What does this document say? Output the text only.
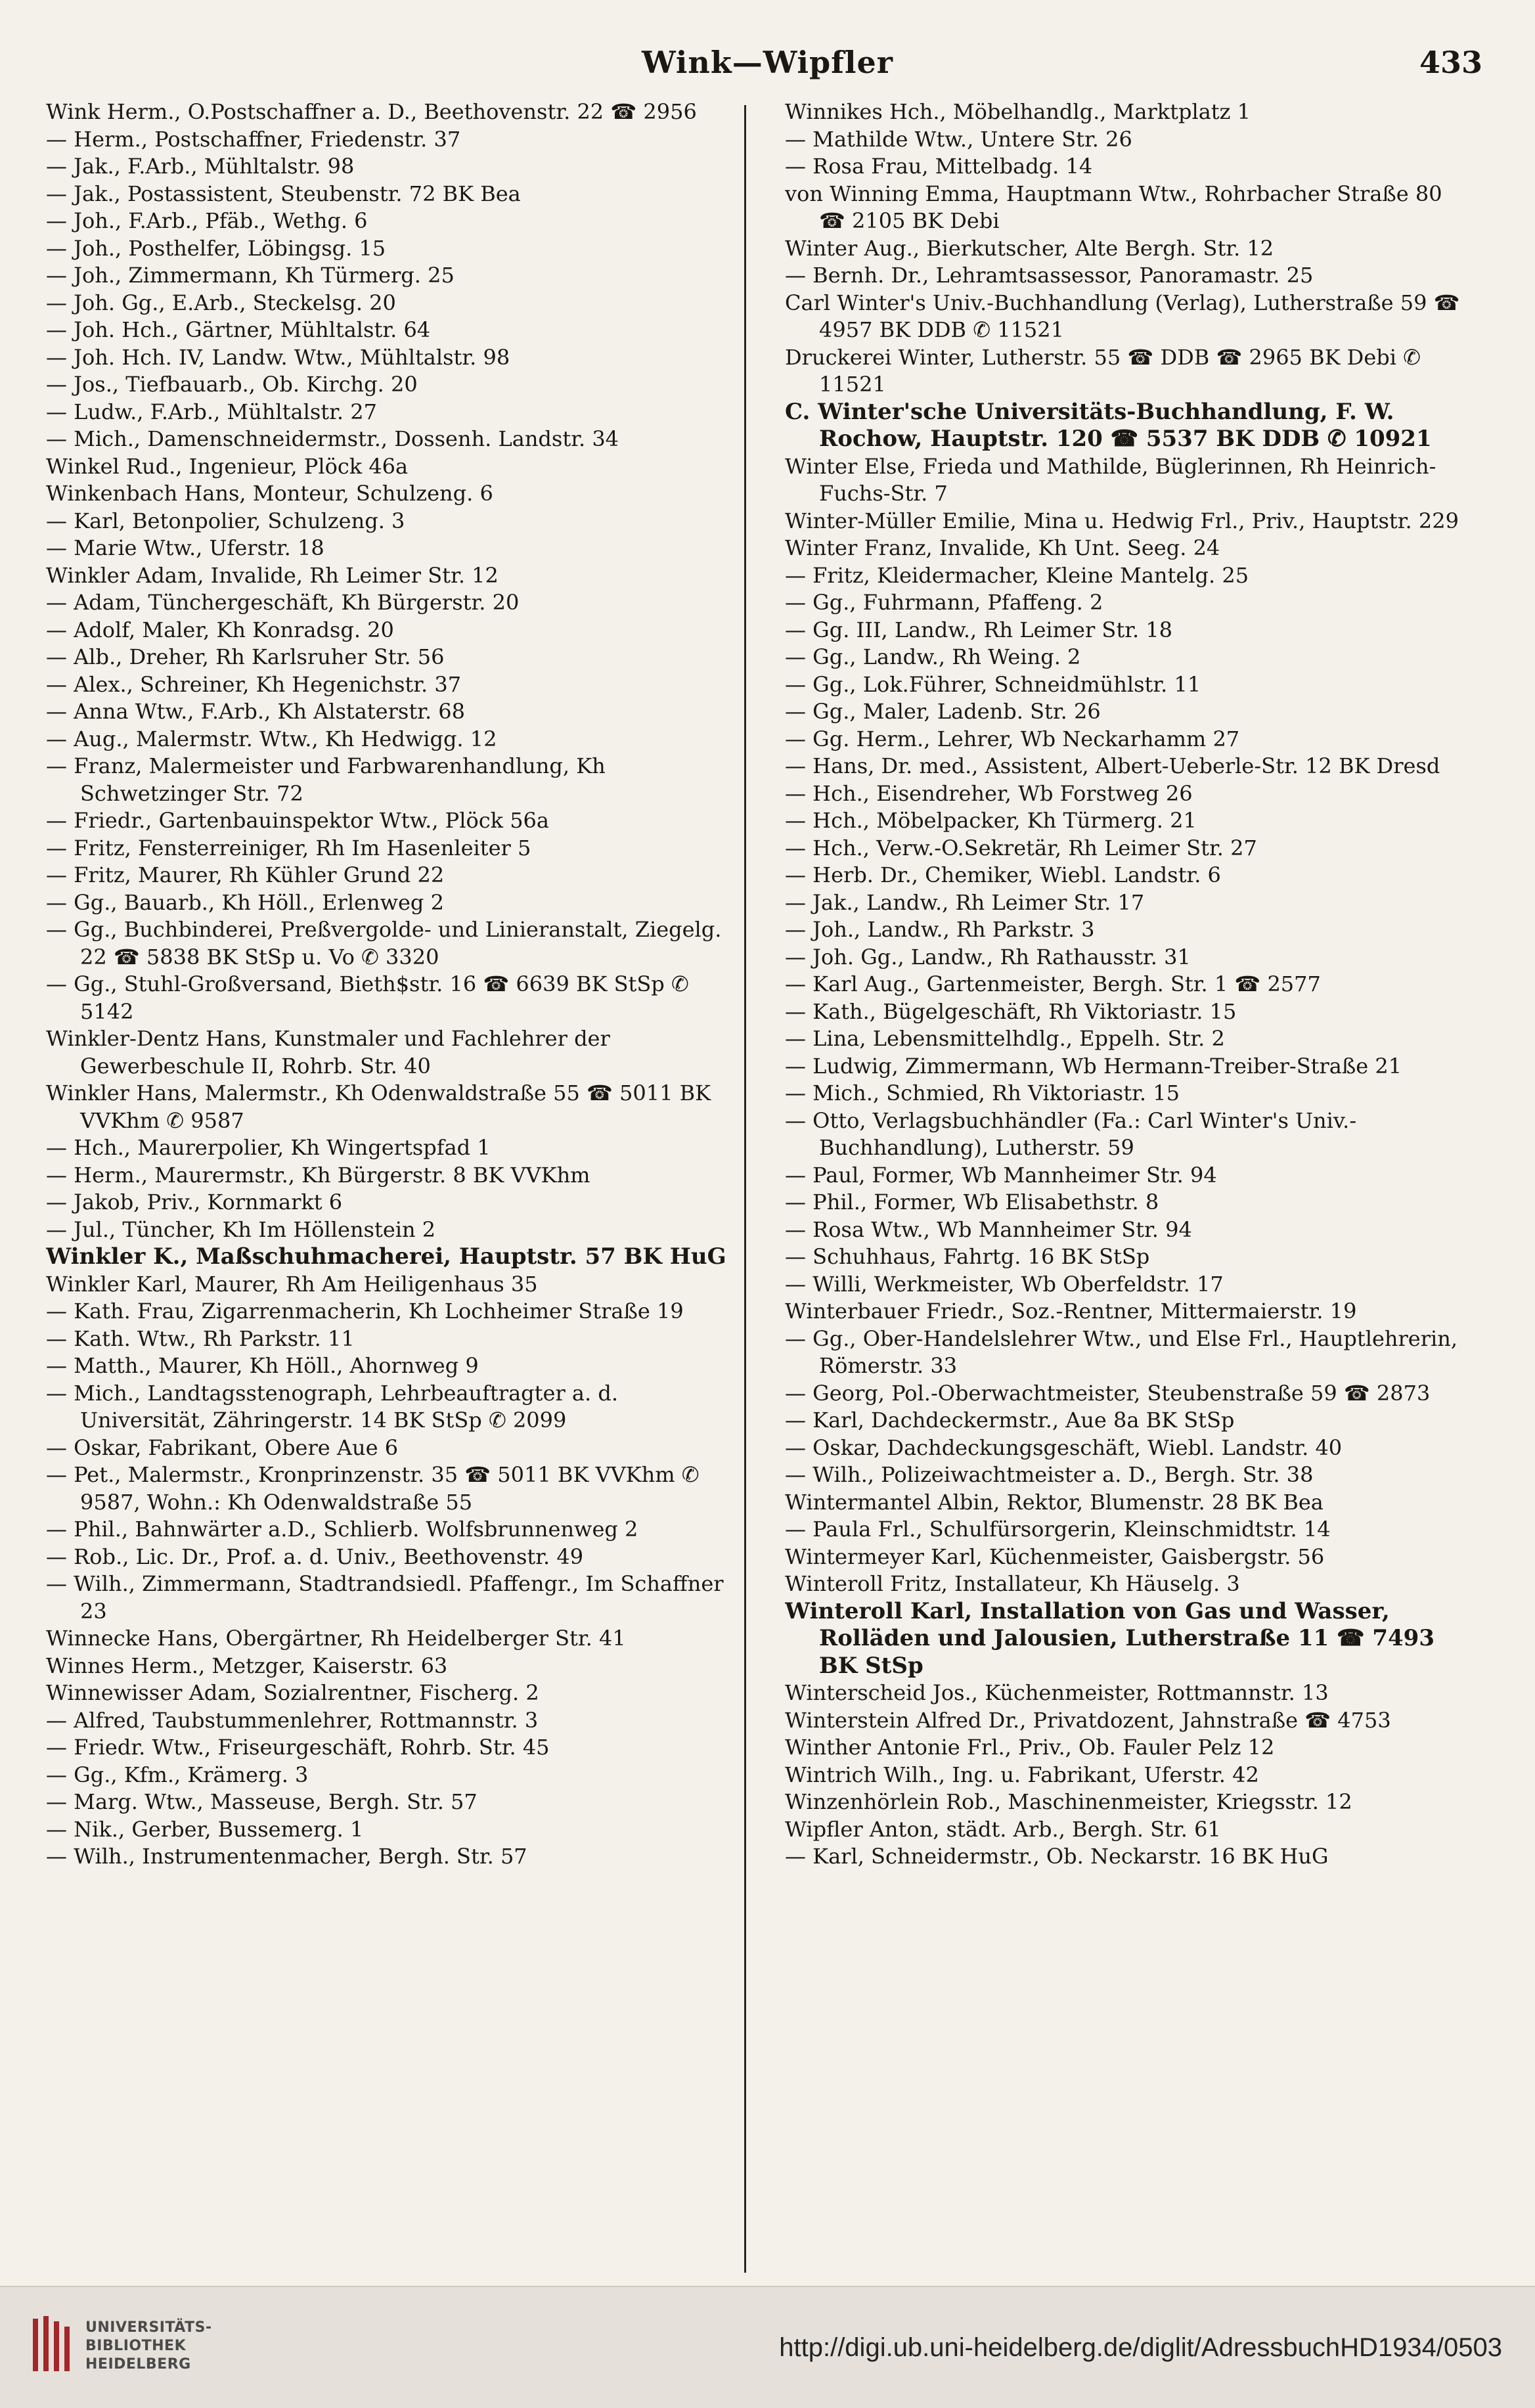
Wink—Wipfler	433
Wink Herm., O.Postschaffner a. D., Beethovenstr. 22 ☎ 2956
— Herm., Postschaffner, Friedenstr. 37
— Jak., F.Arb., Mühltalstr. 98
— Jak., Postassistent, Steubenstr. 72 BK Bea
— Joh., F.Arb., Pfäb., Wethg. 6
— Joh., Posthelfer, Löbingsg. 15
— Joh., Zimmermann, Kh Türmerg. 25
— Joh. Gg., E.Arb., Steckelsg. 20
— Joh. Hch., Gärtner, Mühltalstr. 64
— Joh. Hch. IV, Landw. Wtw., Mühltalstr. 98
— Jos., Tiefbauarb., Ob. Kirchg. 20
— Ludw., F.Arb., Mühltalstr. 27
— Mich., Damenschneidermstr., Dossenh. Landstr. 34
Winkel Rud., Ingenieur, Plöck 46a
Winkenbach Hans, Monteur, Schulzeng. 6
— Karl, Betonpolier, Schulzeng. 3
— Marie Wtw., Uferstr. 18
Winkler Adam, Invalide, Rh Leimer Str. 12
— Adam, Tünchergeschäft, Kh Bürgerstr. 20
— Adolf, Maler, Kh Konradsg. 20
— Alb., Dreher, Rh Karlsruher Str. 56
— Alex., Schreiner, Kh Hegenichstr. 37
— Anna Wtw., F.Arb., Kh Alstaterstr. 68
— Aug., Malermstr. Wtw., Kh Hedwigg. 12
— Franz, Malermeister und Farbwarenhandlung, Kh Schwetzinger Str. 72
— Friedr., Gartenbauinspektor Wtw., Plöck 56a
— Fritz, Fensterreiniger, Rh Im Hasenleiter 5
— Fritz, Maurer, Rh Kühler Grund 22
— Gg., Bauarb., Kh Höll., Erlenweg 2
— Gg., Buchbinderei, Preßvergolde- und Liniеranstalt, Ziegelg. 22 ☎ 5838 BK StSp u. Vo ✆ 3320
— Gg., Stuhl-Großversand, Bieth$str. 16 ☎ 6639 BK StSp ✆ 5142
Winkler-Dentz Hans, Kunstmaler und Fachlehrer der Gewerbeschule II, Rohrb. Str. 40
Winkler Hans, Malermstr., Kh Odenwaldstraße 55 ☎ 5011 BK VVKhm ✆ 9587
— Hch., Maurerpolier, Kh Wingertspfad 1
— Herm., Maurermstr., Kh Bürgerstr. 8 BK VVKhm
— Jakob, Priv., Kornmarkt 6
— Jul., Tüncher, Kh Im Höllenstein 2
Winkler K., Maßschuhmacherei, Hauptstr. 57 BK HuG
Winkler Karl, Maurer, Rh Am Heiligenhaus 35
— Kath. Frau, Zigarrenmacherin, Kh Lochheimer Straße 19
— Kath. Wtw., Rh Parkstr. 11
— Matth., Maurer, Kh Höll., Ahornweg 9
— Mich., Landtagsstenograph, Lehrbeauftragter a. d. Universität, Zähringerstr. 14 BK StSp ✆ 2099
— Oskar, Fabrikant, Obere Aue 6
— Pet., Malermstr., Kronprinzenstr. 35 ☎ 5011 BK VVKhm ✆ 9587, Wohn.: Kh Odenwaldstraße 55
— Phil., Bahnwärter a.D., Schlierb. Wolfsbrunnenweg 2
— Rob., Lic. Dr., Prof. a. d. Univ., Beethovenstr. 49
— Wilh., Zimmermann, Stadtrandsiedl. Pfaffengr., Im Schaffner 23
Winnecke Hans, Obergärtner, Rh Heidelberger Str. 41
Winnes Herm., Metzger, Kaiserstr. 63
Winnewisser Adam, Sozialrentner, Fischerg. 2
— Alfred, Taubstummenlehrer, Rottmannstr. 3
— Friedr. Wtw., Friseurgeschäft, Rohrb. Str. 45
— Gg., Kfm., Krämerg. 3
— Marg. Wtw., Masseuse, Bergh. Str. 57
— Nik., Gerber, Bussemerg. 1
— Wilh., Instrumentenmacher, Bergh. Str. 57
Winnikes Hch., Möbelhandlg., Marktplatz 1
— Mathilde Wtw., Untere Str. 26
— Rosa Frau, Mittelbadg. 14
von Winning Emma, Hauptmann Wtw., Rohrbacher Straße 80 ☎ 2105 BK Debi
Winter Aug., Bierkutscher, Alte Bergh. Str. 12
— Bernh. Dr., Lehramtsassessor, Panoramastr. 25
Carl Winter's Univ.-Buchhandlung (Verlag), Lutherstraße 59 ☎ 4957 BK DDB ✆ 11521
Druckerei Winter, Lutherstr. 55 ☎ DDB ☎ 2965 BK Debi ✆ 11521
C. Winter'sche Universitäts-Buchhandlung, F. W. Rochow, Hauptstr. 120 ☎ 5537 BK DDB ✆ 10921
Winter Else, Frieda und Mathilde, Büglerinnen, Rh Heinrich-Fuchs-Str. 7
Winter-Müller Emilie, Mina u. Hedwig Frl., Priv., Hauptstr. 229
Winter Franz, Invalide, Kh Unt. Seeg. 24
— Fritz, Kleidermacher, Kleine Mantelg. 25
— Gg., Fuhrmann, Pfaffeng. 2
— Gg. III, Landw., Rh Leimer Str. 18
— Gg., Landw., Rh Weing. 2
— Gg., Lok.Führer, Schneidmühlstr. 11
— Gg., Maler, Ladenb. Str. 26
— Gg. Herm., Lehrer, Wb Neckarhamm 27
— Hans, Dr. med., Assistent, Albert-Ueberle-Str. 12 BK Dresd
— Hch., Eisendreher, Wb Forstweg 26
— Hch., Möbelpacker, Kh Türmerg. 21
— Hch., Verw.-O.Sekretär, Rh Leimer Str. 27
— Herb. Dr., Chemiker, Wiebl. Landstr. 6
— Jak., Landw., Rh Leimer Str. 17
— Joh., Landw., Rh Parkstr. 3
— Joh. Gg., Landw., Rh Rathausstr. 31
— Karl Aug., Gartenmeister, Bergh. Str. 1 ☎ 2577
— Kath., Bügelgeschäft, Rh Viktoriastr. 15
— Lina, Lebensmittelhdlg., Eppelh. Str. 2
— Ludwig, Zimmermann, Wb Hermann-Treiber-Straße 21
— Mich., Schmied, Rh Viktoriastr. 15
— Otto, Verlagsbuchhändler (Fa.: Carl Winter's Univ.-Buchhandlung), Lutherstr. 59
— Paul, Former, Wb Mannheimer Str. 94
— Phil., Former, Wb Elisabethstr. 8
— Rosa Wtw., Wb Mannheimer Str. 94
— Schuhhaus, Fahrtg. 16 BK StSp
— Willi, Werkmeister, Wb Oberfeldstr. 17
Winterbauer Friedr., Soz.-Rentner, Mittermaierstr. 19
— Gg., Ober-Handelslehrer Wtw., und Else Frl., Hauptlehrerin, Römerstr. 33
— Georg, Pol.-Oberwachtmeister, Steubenstraße 59 ☎ 2873
— Karl, Dachdeckermstr., Aue 8a BK StSp
— Oskar, Dachdeckungsgeschäft, Wiebl. Landstr. 40
— Wilh., Polizeiwachtmeister a. D., Bergh. Str. 38
Wintermantel Albin, Rektor, Blumenstr. 28 BK Bea
— Paula Frl., Schulfürsorgerin, Kleinschmidtstr. 14
Wintermeyer Karl, Küchenmeister, Gaisbergstr. 56
Winteroll Fritz, Installateur, Kh Häuselg. 3
Winteroll Karl, Installation von Gas und Wasser, Rolläden und Jalousien, Lutherstraße 11 ☎ 7493 BK StSp
Winterscheid Jos., Küchenmeister, Rottmannstr. 13
Winterstein Alfred Dr., Privatdozent, Jahnstraße ☎ 4753
Winther Antonie Frl., Priv., Ob. Fauler Pelz 12
Wintrich Wilh., Ing. u. Fabrikant, Uferstr. 42
Winzenhörlein Rob., Maschinenmeister, Kriegsstr. 12
Wipfler Anton, städt. Arb., Bergh. Str. 61
— Karl, Schneidermstr., Ob. Neckarstr. 16 BK HuG
UNIVERSITÄTS-
BIBLIOTHEK
HEIDELBERG
http://digi.ub.uni-heidelberg.de/diglit/AdressbuchHD1934/0503
